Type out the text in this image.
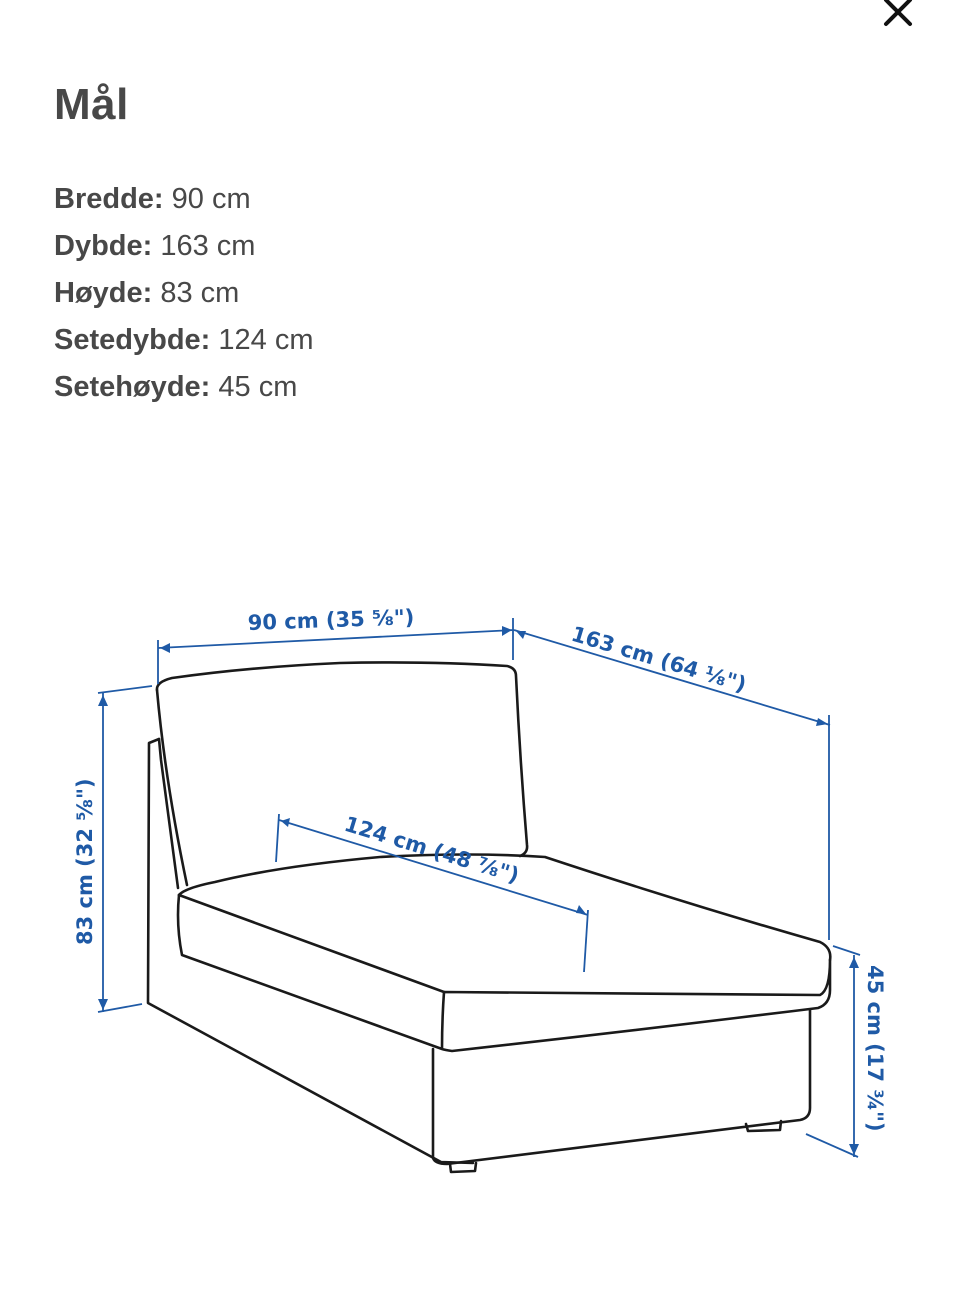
Mål
Bredde: 90 cm
Dybde: 163 cm
Høyde: 83 cm
Setedybde: 124 cm
Setehøyde: 45 cm
90 cm (35 ⅝")
163 cm (64 ⅛")
83 cm (32 ⅝")	124 cm (48 ⅞")
45 cm (17 ¾")
